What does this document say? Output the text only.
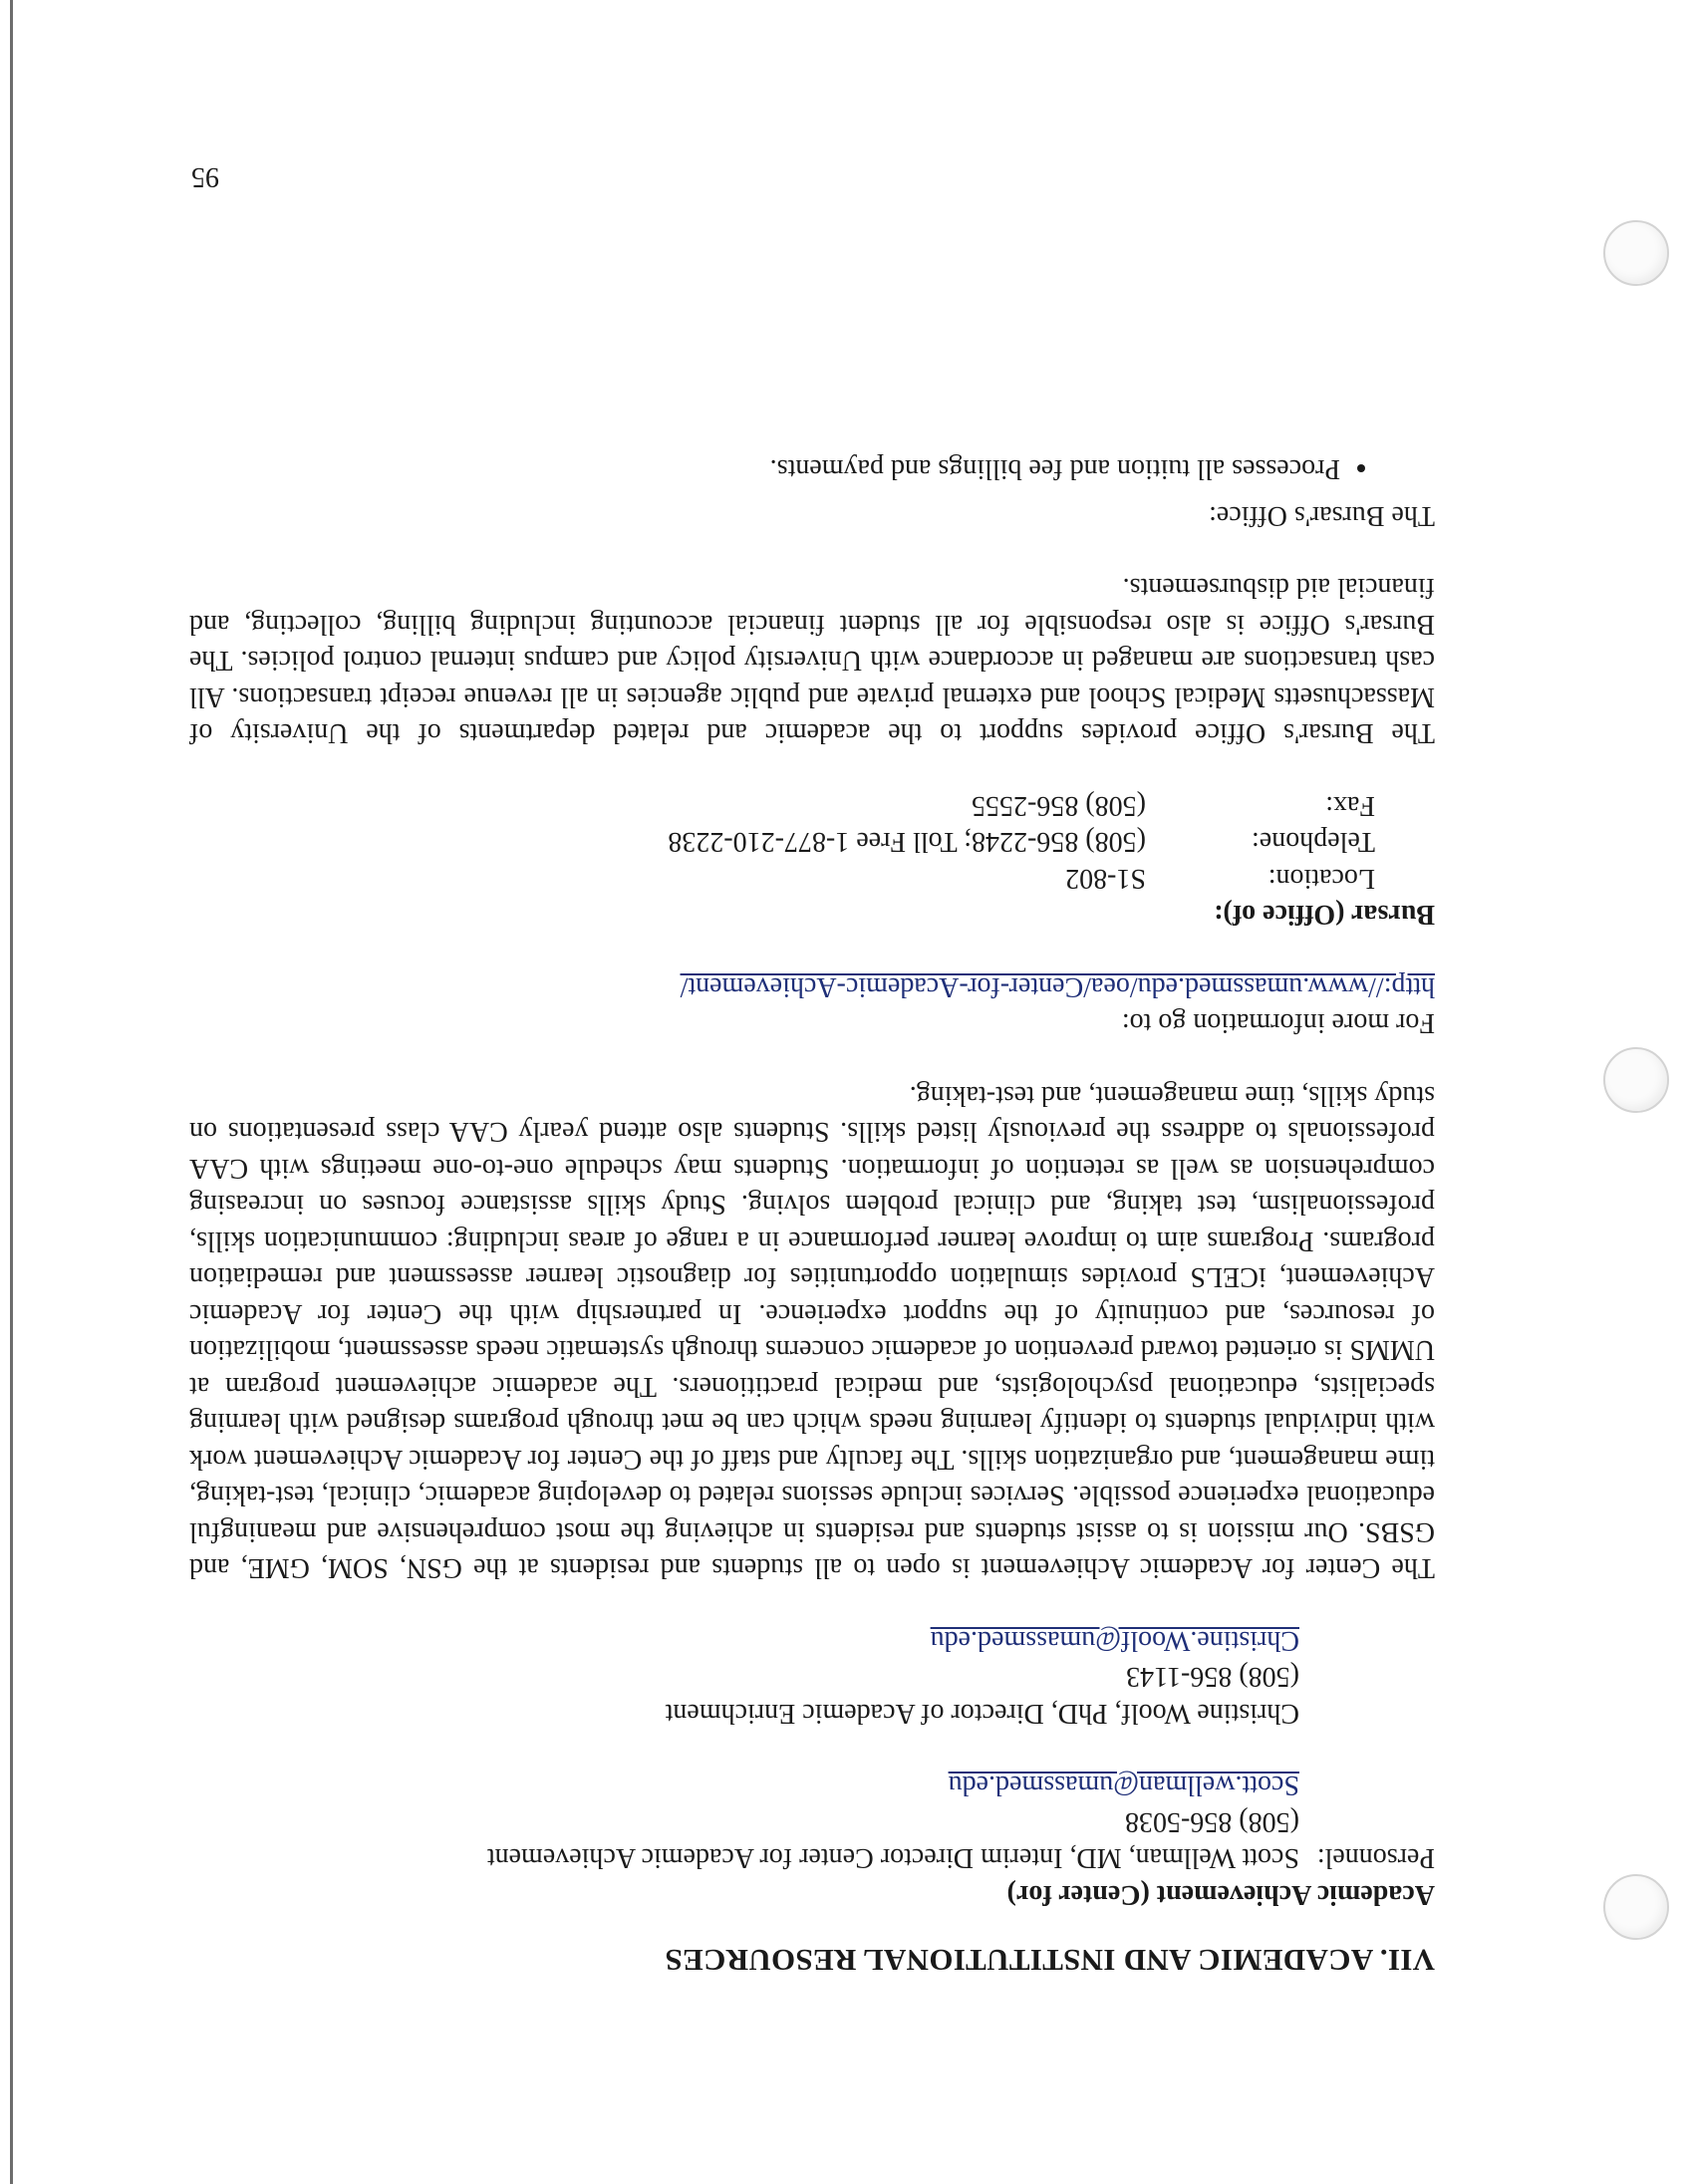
VII. ACADEMIC AND INSTITUTIONAL RESOURCES
Academic Achievement (Center for)
Personnel:
Scott Wellman, MD, Interim Director Center for Academic Achievement
(508) 856-5038
Scott.wellman@umassmed.edu
Christine Woolf, PhD, Director of Academic Enrichment
(508) 856-1143
Christine.Woolf@umassmed.edu

The Center for Academic Achievement is open to all students and residents at the GSN, SOM, GME, and GSBS. Our mission is to assist students and residents in achieving the most comprehensive and meaningful educational experience possible. Services include sessions related to developing academic, clinical, test-taking, time management, and organization skills. The faculty and staff of the Center for Academic Achievement work with individual students to identify learning needs which can be met through programs designed with learning specialists, educational psychologists, and medical practitioners. The academic achievement program at UMMS is oriented toward prevention of academic concerns through systematic needs assessment, mobilization of resources, and continuity of the support experience. In partnership with the Center for Academic Achievement, iCELS provides simulation opportunities for diagnostic learner assessment and remediation programs. Programs aim to improve learner performance in a range of areas including: communication skills, professionalism, test taking, and clinical problem solving. Study skills assistance focuses on increasing comprehension as well as retention of information. Students may schedule one-to-one meetings with CAA professionals to address the previously listed skills. Students also attend yearly CAA class presentations on study skills, time management, and test-taking.

For more information go to:

http://www.umassmed.edu/oea/Center-for-Academic-Achievement/

Bursar (Office of):
Location:
S1-802
Telephone:
(508) 856-2248; Toll Free 1-877-210-2238
Fax:
(508) 856-2555

The Bursar's Office provides support to the academic and related departments of the University of Massachusetts Medical School and external private and public agencies in all revenue receipt transactions. All cash transactions are managed in accordance with University policy and campus internal control policies. The Bursar's Office is also responsible for all student financial accounting including billing, collecting, and financial aid disbursements.

The Bursar's Office:

• Processes all tuition and fee billings and payments.
95
